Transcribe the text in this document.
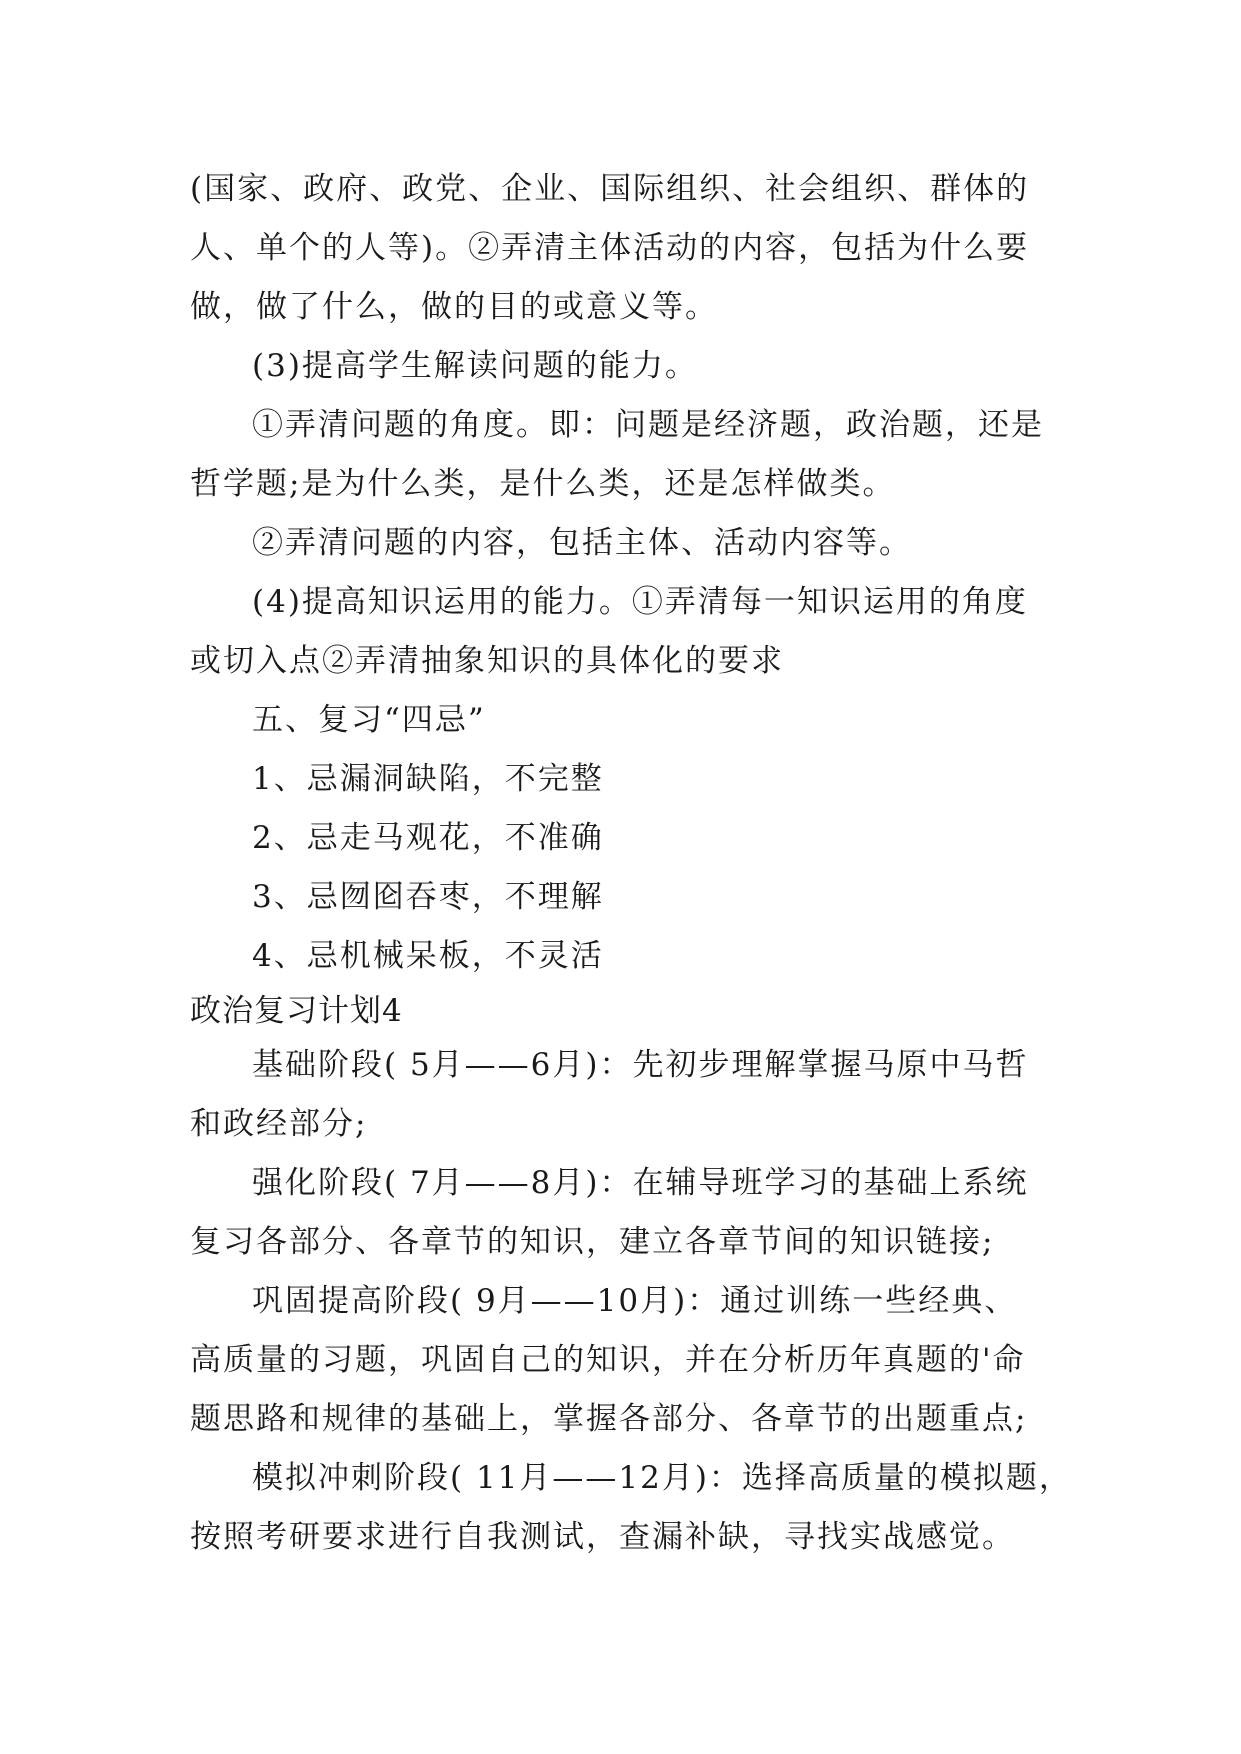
(国家、政府、政党、企业、国际组织、社会组织、群体的

人、单个的人等)。②弄清主体活动的内容，包括为什么要

做，做了什么，做的目的或意义等。

(3)提高学生解读问题的能力。

①弄清问题的角度。即：问题是经济题，政治题，还是

哲学题;是为什么类，是什么类，还是怎样做类。

②弄清问题的内容，包括主体、活动内容等。

(4)提高知识运用的能力。①弄清每一知识运用的角度

或切入点②弄清抽象知识的具体化的要求

五、复习“四忌”

1、忌漏洞缺陷，不完整

2、忌走马观花，不准确

3、忌囫囵吞枣，不理解

4、忌机械呆板，不灵活

政治复习计划4

基础阶段( 5月——6月)：先初步理解掌握马原中马哲

和政经部分;

强化阶段( 7月——8月)：在辅导班学习的基础上系统

复习各部分、各章节的知识，建立各章节间的知识链接;

巩固提高阶段( 9月——10月)：通过训练一些经典、

高质量的习题，巩固自己的知识，并在分析历年真题的'命

题思路和规律的基础上，掌握各部分、各章节的出题重点;

模拟冲刺阶段( 11月——12月)：选择高质量的模拟题，

按照考研要求进行自我测试，查漏补缺，寻找实战感觉。
